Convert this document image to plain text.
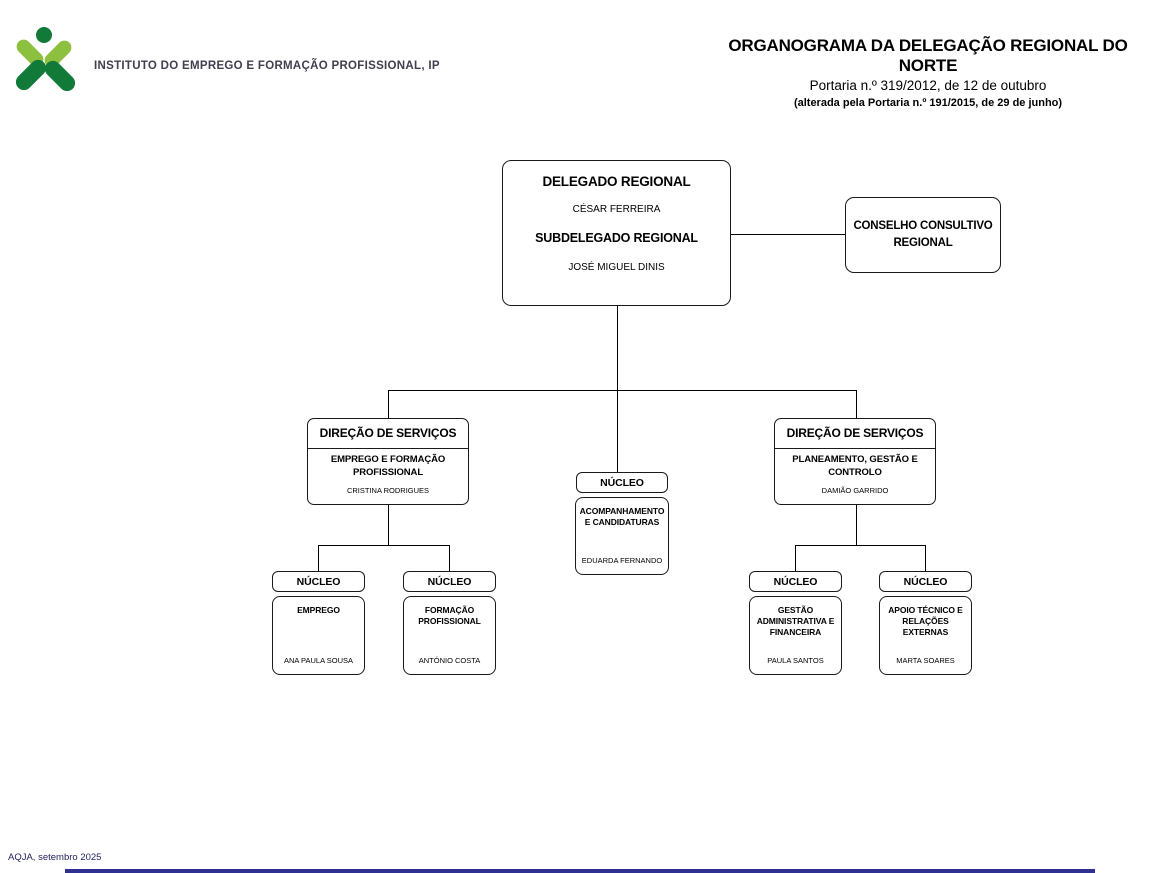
INSTITUTO DO EMPREGO E FORMAÇÃO PROFISSIONAL, IP
ORGANOGRAMA DA DELEGAÇÃO REGIONAL DO NORTE
Portaria n.º 319/2012, de 12 de outubro
(alterada pela Portaria n.º 191/2015, de 29 de junho)
DELEGADO REGIONAL
CÉSAR FERREIRA
SUBDELEGADO REGIONAL
JOSÉ MIGUEL DINIS
CONSELHO CONSULTIVO REGIONAL
DIREÇÃO DE SERVIÇOS
EMPREGO E FORMAÇÃO PROFISSIONAL
CRISTINA RODRIGUES
DIREÇÃO DE SERVIÇOS
PLANEAMENTO, GESTÃO E CONTROLO
DAMIÃO GARRIDO
NÚCLEO
ACOMPANHAMENTO E CANDIDATURAS
EDUARDA FERNANDO
NÚCLEO
EMPREGO
ANA PAULA SOUSA
NÚCLEO
FORMAÇÃO PROFISSIONAL
ANTÓNIO COSTA
NÚCLEO
GESTÃO ADMINISTRATIVA E FINANCEIRA
PAULA SANTOS
NÚCLEO
APOIO TÉCNICO E RELAÇÕES EXTERNAS
MARTA SOARES
AQJA, setembro 2025
